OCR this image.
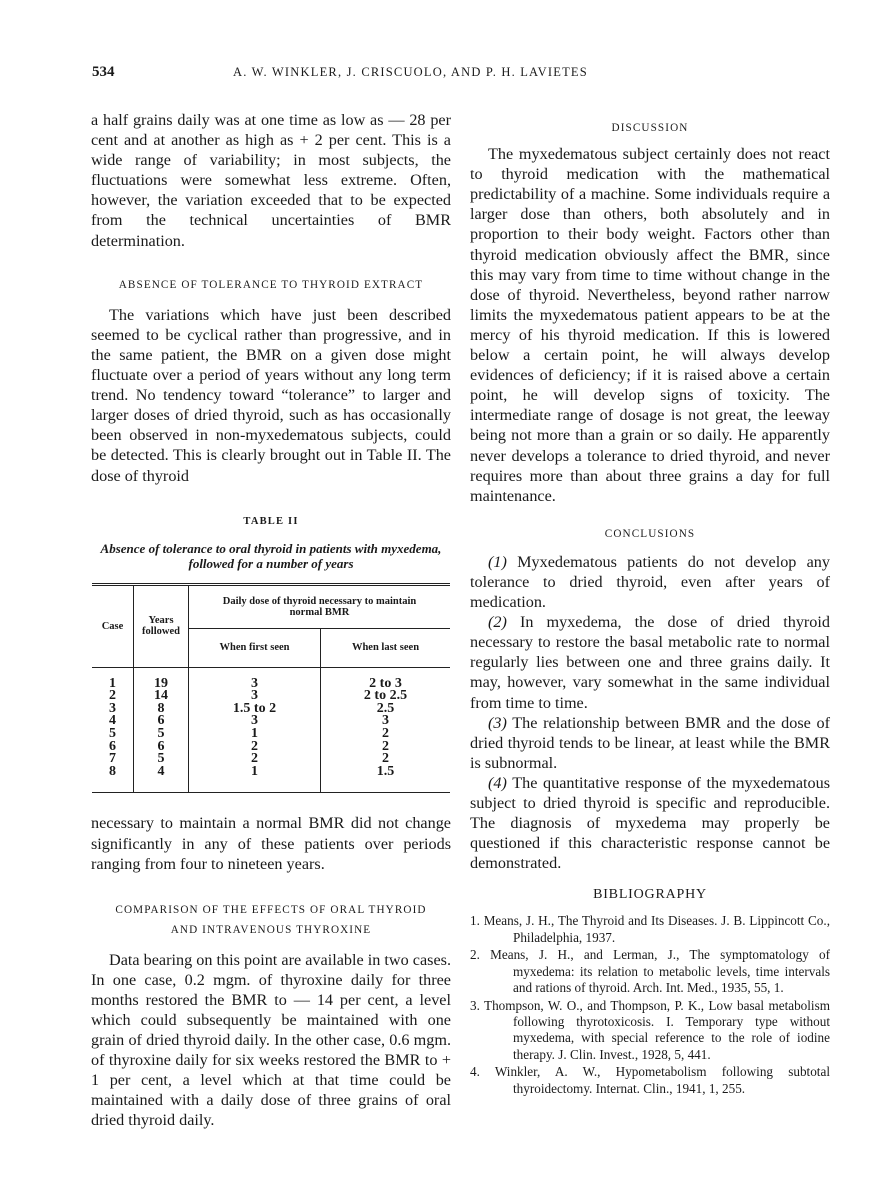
534	A. W. WINKLER, J. CRISCUOLO, AND P. H. LAVIETES

a half grains daily was at one time as low as — 28 per cent and at another as high as + 2 per cent. This is a wide range of variability; in most subjects, the fluctuations were somewhat less extreme. Often, however, the variation exceeded that to be expected from the technical uncertainties of BMR determination.

ABSENCE OF TOLERANCE TO THYROID EXTRACT

The variations which have just been described seemed to be cyclical rather than progressive, and in the same patient, the BMR on a given dose might fluctuate over a period of years without any long term trend. No tendency toward “tolerance” to larger and larger doses of dried thyroid, such as has occasionally been observed in non-myxedematous subjects, could be detected. This is clearly brought out in Table II. The dose of thyroid

TABLE II
Absence of tolerance to oral thyroid in patients with myxedema, followed for a number of years
Case	Years followed	Daily dose of thyroid necessary to maintain normal BMR	
		When first seen	When last seen
1	19	3	2 to 3
2	14	3	2 to 2.5
3	8	1.5 to 2	2.5
4	6	3	3
5	5	1	2
6	6	2	2
7	5	2	2
8	4	1	1.5

necessary to maintain a normal BMR did not change significantly in any of these patients over periods ranging from four to nineteen years.

COMPARISON OF THE EFFECTS OF ORAL THYROID
AND INTRAVENOUS THYROXINE

Data bearing on this point are available in two cases. In one case, 0.2 mgm. of thyroxine daily for three months restored the BMR to — 14 per cent, a level which could subsequently be maintained with one grain of dried thyroid daily. In the other case, 0.6 mgm. of thyroxine daily for six weeks restored the BMR to + 1 per cent, a level which at that time could be maintained with a daily dose of three grains of oral dried thyroid daily.

DISCUSSION

The myxedematous subject certainly does not react to thyroid medication with the mathematical predictability of a machine. Some individuals require a larger dose than others, both absolutely and in proportion to their body weight. Factors other than thyroid medication obviously affect the BMR, since this may vary from time to time without change in the dose of thyroid. Nevertheless, beyond rather narrow limits the myxedematous patient appears to be at the mercy of his thyroid medication. If this is lowered below a certain point, he will always develop evidences of deficiency; if it is raised above a certain point, he will develop signs of toxicity. The intermediate range of dosage is not great, the leeway being not more than a grain or so daily. He apparently never develops a tolerance to dried thyroid, and never requires more than about three grains a day for full maintenance.

CONCLUSIONS

(1) Myxedematous patients do not develop any tolerance to dried thyroid, even after years of medication.

(2) In myxedema, the dose of dried thyroid necessary to restore the basal metabolic rate to normal regularly lies between one and three grains daily. It may, however, vary somewhat in the same individual from time to time.

(3) The relationship between BMR and the dose of dried thyroid tends to be linear, at least while the BMR is subnormal.

(4) The quantitative response of the myxedematous subject to dried thyroid is specific and reproducible. The diagnosis of myxedema may properly be questioned if this characteristic response cannot be demonstrated.

BIBLIOGRAPHY
1. Means, J. H., The Thyroid and Its Diseases. J. B. Lippincott Co., Philadelphia, 1937.
2. Means, J. H., and Lerman, J., The symptomatology of myxedema: its relation to metabolic levels, time intervals and rations of thyroid. Arch. Int. Med., 1935, 55, 1.
3. Thompson, W. O., and Thompson, P. K., Low basal metabolism following thyrotoxicosis. I. Temporary type without myxedema, with special reference to the role of iodine therapy. J. Clin. Invest., 1928, 5, 441.
4. Winkler, A. W., Hypometabolism following subtotal thyroidectomy. Internat. Clin., 1941, 1, 255.
